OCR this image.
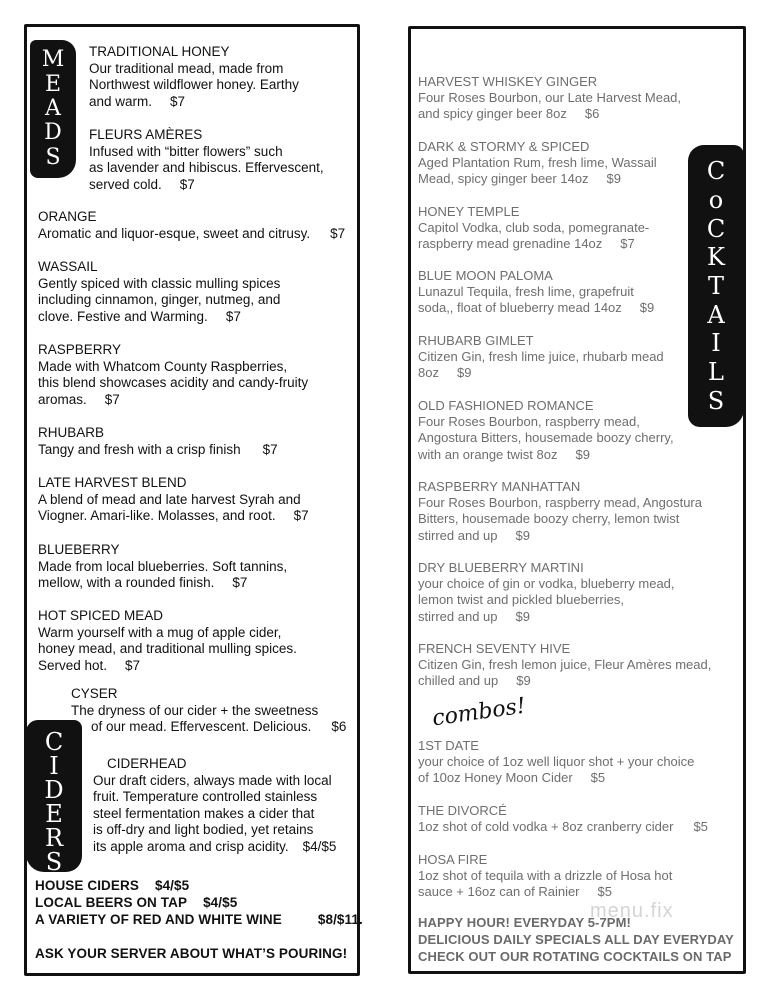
M
E
A
D
S
C
I
D
E
R
S
C
o
C
K
T
A
I
L
S
TRADITIONAL HONEY
Our traditional mead, made from
Northwest wildflower honey. Earthy
and warm. $7
FLEURS AMÈRES
Infused with “bitter flowers” such
as lavender and hibiscus. Effervescent,
served cold. $7
ORANGE
Aromatic and liquor-esque, sweet and citrusy. $7
WASSAIL
Gently spiced with classic mulling spices
including cinnamon, ginger, nutmeg, and
clove. Festive and Warming. $7
RASPBERRY
Made with Whatcom County Raspberries,
this blend showcases acidity and candy-fruity
aromas. $7
RHUBARB
Tangy and fresh with a crisp finish $7
LATE HARVEST BLEND
A blend of mead and late harvest Syrah and
Viogner. Amari-like. Molasses, and root. $7
BLUEBERRY
Made from local blueberries. Soft tannins,
mellow, with a rounded finish. $7
HOT SPICED MEAD
Warm yourself with a mug of apple cider,
honey mead, and traditional mulling spices.
Served hot. $7
CYSER
The dryness of our cider + the sweetness
of our mead. Effervescent. Delicious. $6
CIDERHEAD
Our draft ciders, always made with local
fruit. Temperature controlled stainless
steel fermentation makes a cider that
is off-dry and light bodied, yet retains
its apple aroma and crisp acidity. $4/$5
HOUSE CIDERS $4/$5
LOCAL BEERS ON TAP $4/$5
A VARIETY OF RED AND WHITE WINE	$8/$11.
ASK YOUR SERVER ABOUT WHAT’S POURING!
HARVEST WHISKEY GINGER
Four Roses Bourbon, our Late Harvest Mead,
and spicy ginger beer 8oz $6
DARK & STORMY & SPICED
Aged Plantation Rum, fresh lime, Wassail
Mead, spicy ginger beer 14oz $9
HONEY TEMPLE
Capitol Vodka, club soda, pomegranate-
raspberry mead grenadine 14oz $7
BLUE MOON PALOMA
Lunazul Tequila, fresh lime, grapefruit
soda,, float of blueberry mead 14oz $9
RHUBARB GIMLET
Citizen Gin, fresh lime juice, rhubarb mead
8oz $9
OLD FASHIONED ROMANCE
Four Roses Bourbon, raspberry mead,
Angostura Bitters, housemade boozy cherry,
with an orange twist 8oz $9
RASPBERRY MANHATTAN
Four Roses Bourbon, raspberry mead, Angostura
Bitters, housemade boozy cherry, lemon twist
stirred and up $9
DRY BLUEBERRY MARTINI
your choice of gin or vodka, blueberry mead,
lemon twist and pickled blueberries,
stirred and up $9
FRENCH SEVENTY HIVE
Citizen Gin, fresh lemon juice, Fleur Amères mead,
chilled and up $9
combos!
1ST DATE
your choice of 1oz well liquor shot + your choice
of 10oz Honey Moon Cider $5
THE DIVORCÉ
1oz shot of cold vodka + 8oz cranberry cider $5
HOSA FIRE
1oz shot of tequila with a drizzle of Hosa hot
sauce + 16oz can of Rainier $5
menu.fix
HAPPY HOUR! EVERYDAY 5-7PM!
DELICIOUS DAILY SPECIALS ALL DAY EVERYDAY
CHECK OUT OUR ROTATING COCKTAILS ON TAP
